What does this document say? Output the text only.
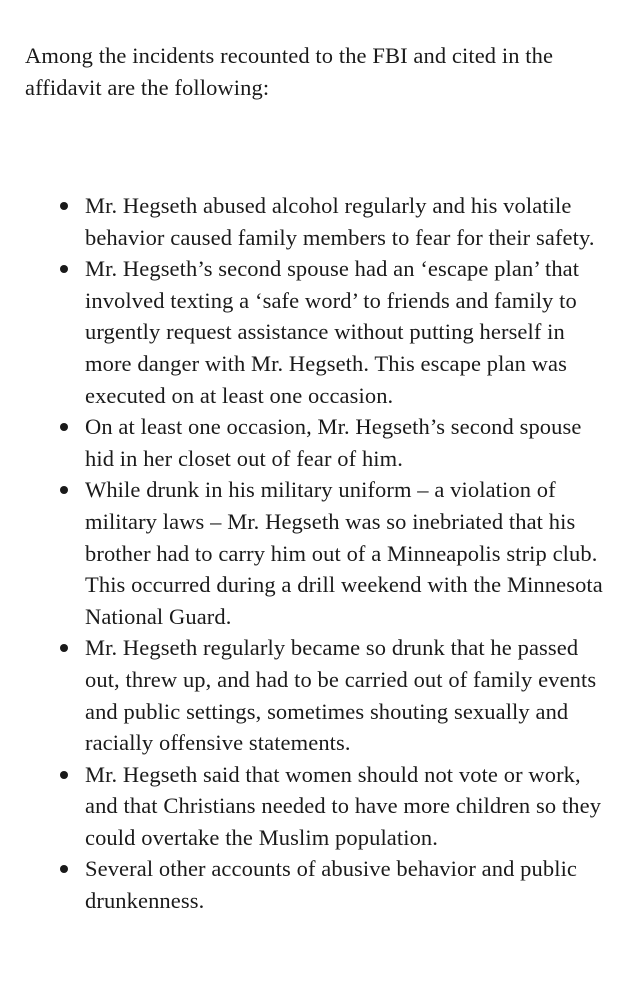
Among the incidents recounted to the FBI and cited in the affidavit are the following:

Mr. Hegseth abused alcohol regularly and his volatile behavior caused family members to fear for their safety.
Mr. Hegseth’s second spouse had an ‘escape plan’ that involved texting a ‘safe word’ to friends and family to urgently request assistance without putting herself in more danger with Mr. Hegseth. This escape plan was executed on at least one occasion.
On at least one occasion, Mr. Hegseth’s second spouse hid in her closet out of fear of him.
While drunk in his military uniform – a violation of military laws – Mr. Hegseth was so inebriated that his brother had to carry him out of a Minneapolis strip club. This occurred during a drill weekend with the Minnesota National Guard.
Mr. Hegseth regularly became so drunk that he passed out, threw up, and had to be carried out of family events and public settings, sometimes shouting sexually and racially offensive statements.
Mr. Hegseth said that women should not vote or work, and that Christians needed to have more children so they could overtake the Muslim population.
Several other accounts of abusive behavior and public drunkenness.
